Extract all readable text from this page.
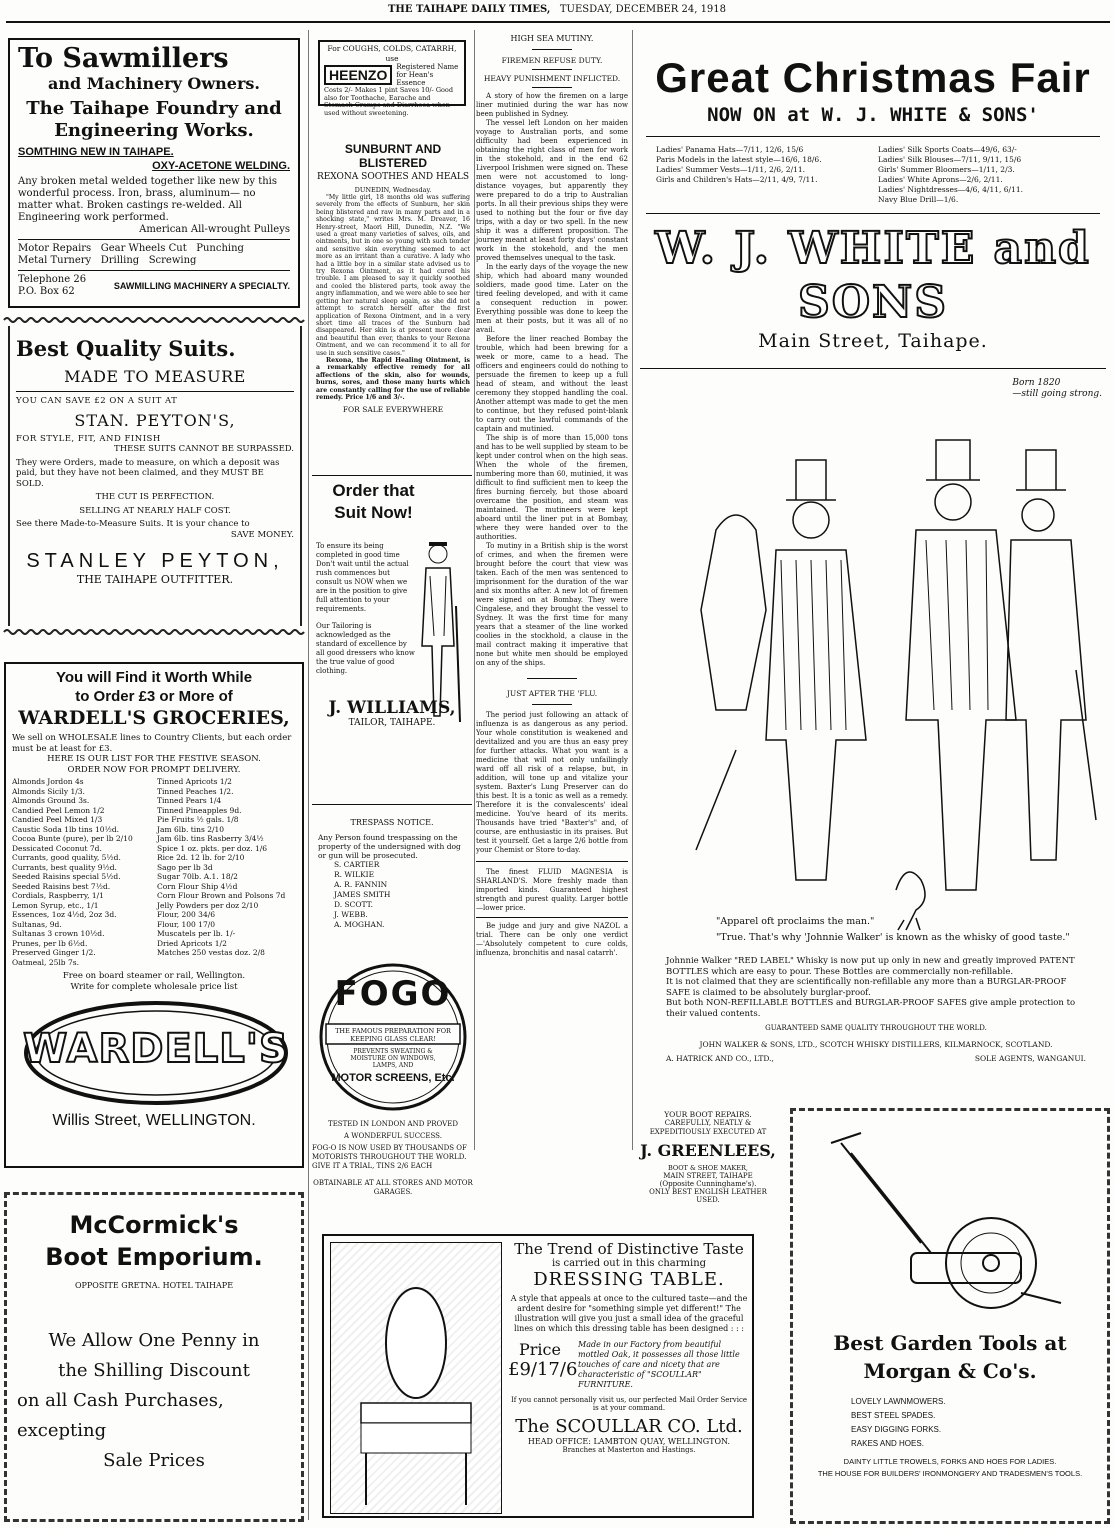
THE TAIHAPE DAILY TIMES, TUESDAY, DECEMBER 24, 1918
To Sawmillers
and Machinery Owners.
The Taihape Foundry and
Engineering Works.
SOMTHING NEW IN TAIHAPE.
OXY-ACETONE WELDING.
Any broken metal welded together like new by this wonderful process. Iron, brass, aluminum— no matter what. Broken castings re-welded. All Engineering work performed.
American All-wrought Pulleys
Motor Repairs   Gear Wheels Cut   Punching
Metal Turnery   Drilling   Screwing
Telephone 26
P.O. Box 62	SAWMILLING MACHINERY A SPECIALTY.
Best Quality Suits.
MADE TO MEASURE
YOU CAN SAVE £2 ON A SUIT AT
STAN. PEYTON'S,
FOR STYLE, FIT, AND FINISH
THESE SUITS CANNOT BE SURPASSED.
They were Orders, made to measure, on which a deposit was paid, but they have not been claimed, and they MUST BE SOLD.
THE CUT IS PERFECTION.
SELLING AT NEARLY HALF COST.
See there Made-to-Measure Suits. It is your chance to
SAVE MONEY.
STANLEY PEYTON,
THE TAIHAPE OUTFITTER.
You will Find it Worth While
to Order £3 or More of
WARDELL'S GROCERIES,
We sell on WHOLESALE lines to Country Clients, but each order must be at least for £3.
HERE IS OUR LIST FOR THE FESTIVE SEASON.
ORDER NOW FOR PROMPT DELIVERY.
Almonds Jordon 4s
Almonds Sicily 1/3.
Almonds Ground 3s.
Candied Peel Lemon 1/2
Candied Peel Mixed 1/3
Caustic Soda 1lb tins 10½d.
Cocoa Bunte (pure), per lb 2/10
Dessicated Coconut 7d.
Currants, good quality, 5½d.
Currants, best quality 9½d.
Seeded Raisins special 5½d.
Seeded Raisins best 7½d.
Cordials, Raspberry, 1/1
Lemon Syrup, etc., 1/1
Essences, 1oz 4½d, 2oz 3d.
Sultanas, 9d.
Sultanas 3 crown 10½d.
Prunes, per lb 6½d.
Preserved Ginger 1/2.
Oatmeal, 25lb 7s.
Tinned Apricots 1/2
Tinned Peaches 1/2.
Tinned Pears 1/4
Tinned Pineapples 9d.
Pie Fruits ½ gals. 1/8
Jam 6lb. tins 2/10
Jam 6lb. tins Rasberry 3/4½
Spice 1 oz. pkts. per doz. 1/6
Rice 2d. 12 lb. for 2/10
Sago per lb 3d
Sugar 70lb. A.1. 18/2
Corn Flour Ship 4½d
Corn Flour Brown and Polsons 7d
Jelly Powders per doz 2/10
Flour, 200 34/6
Flour, 100 17/0
Muscatels per lb. 1/-
Dried Apricots 1/2
Matches 250 vestas doz. 2/8
Free on board steamer or rail, Wellington.
Write for complete wholesale price list
WARDELL'S
Willis Street, WELLINGTON.
McCormick's
Boot Emporium.
OPPOSITE GRETNA. HOTEL TAIHAPE
We Allow One Penny in
the Shilling Discount
on all Cash Purchases, excepting
Sale Prices
For COUGHS, COLDS, CATARRH, use
HEENZO	Registered Name for Hean's Essence
Costs 2/- Makes 1 pint Saves 10/- Good also for Toothache, Earache and Stomach Cramps and Diarrhoea when used without sweetening.
SUNBURNT AND BLISTERED
REXONA SOOTHES AND HEALS
DUNEDIN, Wednesday.

"My little girl, 18 months old was suffering severely from the effects of Sunburn, her skin being blistered and raw in many parts and in a shocking state," writes Mrs. M. Dreaver, 16 Henry-street, Maori Hill, Dunedin, N.Z. "We used a great many varieties of salves, oils, and ointments, but in one so young with such tender and sensitive skin everything seemed to act more as an irritant than a curative. A lady who had a little boy in a similar state advised us to try Rexona Ointment, as it had cured his trouble. I am pleased to say it quickly soothed and cooled the blistered parts, took away the angry inflammation, and we were able to see her getting her natural sleep again, as she did not attempt to scratch herself after the first application of Rexona Ointment, and in a very short time all traces of the Sunburn had disappeared. Her skin is at present more clear and beautiful than ever, thanks to your Rexona Ointment, and we can recommend it to all for use in such sensitive cases."

Rexona, the Rapid Healing Ointment, is a remarkably effective remedy for all affections of the skin, also for wounds, burns, sores, and those many hurts which are constantly calling for the use of reliable remedy. Price 1/6 and 3/-.

FOR SALE EVERYWHERE
Order that Suit Now!
To ensure its being completed in good time Don't wait until the actual rush commences but consult us NOW when we are in the position to give full attention to your requirements.
Our Tailoring is acknowledged as the standard of excellence by all good dressers who know the true value of good clothing.
J. WILLIAMS,
TAILOR, TAIHAPE.
TRESPASS NOTICE.
Any Person found trespassing on the property of the undersigned with dog or gun will be prosecuted.
S. CARTIER
R. WILKIE
A. R. FANNIN
JAMES SMITH
D. SCOTT.
J. WEBB.
A. MOGHAN.
FOGO
THE FAMOUS PREPARATION FOR KEEPING GLASS CLEAR!
PREVENTS SWEATING & MOISTURE ON WINDOWS, LAMPS, AND
MOTOR SCREENS, Etc.
TESTED IN LONDON AND PROVED
A WONDERFUL SUCCESS.
FOG-O IS NOW USED BY THOUSANDS OF MOTORISTS THROUGHOUT THE WORLD. GIVE IT A TRIAL, TINS 2/6 EACH
OBTAINABLE AT ALL STORES AND MOTOR GARAGES.
HIGH SEA MUTINY.
FIREMEN REFUSE DUTY.
HEAVY PUNISHMENT INFLICTED.

A story of how the firemen on a large liner mutinied during the war has now been published in Sydney.

The vessel left London on her maiden voyage to Australian ports, and some difficulty had been experienced in obtaining the right class of men for work in the stokehold, and in the end 62 Liverpool Irishmen were signed on. These men were not accustomed to long-distance voyages, but apparently they were prepared to do a trip to Australian ports. In all their previous ships they were used to nothing but the four or five day trips, with a day or two spell. In the new ship it was a different proposition. The journey meant at least forty days' constant work in the stokehold, and the men proved themselves unequal to the task.

In the early days of the voyage the new ship, which had aboard many wounded soldiers, made good time. Later on the tired feeling developed, and with it came a consequent reduction in power. Everything possible was done to keep the men at their posts, but it was all of no avail.

Before the liner reached Bombay the trouble, which had been brewing for a week or more, came to a head. The officers and engineers could do nothing to persuade the firemen to keep up a full head of steam, and without the least ceremony they stopped handling the coal. Another attempt was made to get the men to continue, but they refused point-blank to carry out the lawful commands of the captain and mutinied.

The ship is of more than 15,000 tons and has to be well supplied by steam to be kept under control when on the high seas. When the whole of the firemen, numbering more than 60, mutinied, it was difficult to find sufficient men to keep the fires burning fiercely, but those aboard overcame the position, and steam was maintained. The mutineers were kept aboard until the liner put in at Bombay, where they were handed over to the authorities.

To mutiny in a British ship is the worst of crimes, and when the firemen were brought before the court that view was taken. Each of the men was sentenced to imprisonment for the duration of the war and six months after. A new lot of firemen were signed on at Bombay. They were Cingalese, and they brought the vessel to Sydney. It was the first time for many years that a steamer of the line worked coolies in the stockhold, a clause in the mail contract making it imperative that none but white men should be employed on any of the ships.

JUST AFTER THE 'FLU.

The period just following an attack of influenza is as dangerous as any period. Your whole constitution is weakened and devitalized and you are thus an easy prey for further attacks. What you want is a medicine that will not only unfailingly ward off all risk of a relapse, but, in addition, will tone up and vitalize your system. Baxter's Lung Preserver can do this best. It is a tonic as well as a remedy. Therefore it is the convalescents' ideal medicine. You've heard of its merits. Thousands have tried "Baxter's" and, of course, are enthusiastic in its praises. But test it yourself. Get a large 2/6 bottle from your Chemist or Store to-day.

The finest FLUID MAGNESIA is SHARLAND'S. More freshly made than imported kinds. Guaranteed highest strength and purest quality. Larger bottle—lower price.

Be judge and jury and give NAZOL a trial. There can be only one verdict—'Absolutely competent to cure colds, influenza, bronchitis and nasal catarrh'.

Great Christmas Fair
NOW ON at W. J. WHITE & SONS'
Ladies' Panama Hats—7/11, 12/6, 15/6
Paris Models in the latest style—16/6, 18/6.
Ladies' Summer Vests—1/11, 2/6, 2/11.
Girls and Children's Hats—2/11, 4/9, 7/11.
Ladies' Silk Sports Coats—49/6, 63/-
Ladies' Silk Blouses—7/11, 9/11, 15/6
Girls' Summer Bloomers—1/11, 2/3.
Ladies' White Aprons—2/6, 2/11.
Ladies' Nightdresses—4/6, 4/11, 6/11.
Navy Blue Drill—1/6.
W. J. WHITE and SONS
Main Street, Taihape.
Born 1820
—still going strong.
"Apparel oft proclaims the man."
"True. That's why 'Johnnie Walker' is known as the whisky of good taste."
Johnnie Walker "RED LABEL" Whisky is now put up only in new and greatly improved PATENT BOTTLES which are easy to pour. These Bottles are commercially non-refillable.
It is not claimed that they are scientifically non-refillable any more than a BURGLAR-PROOF SAFE is claimed to be absolutely burglar-proof.
But both NON-REFILLABLE BOTTLES and BURGLAR-PROOF SAFES give ample protection to their valued contents.
GUARANTEED SAME QUALITY THROUGHOUT THE WORLD.
JOHN WALKER & SONS, LTD., SCOTCH WHISKY DISTILLERS, KILMARNOCK, SCOTLAND.
A. HATRICK AND CO., LTD.,	SOLE AGENTS, WANGANUI.
YOUR BOOT REPAIRS.
CAREFULLY, NEATLY & EXPEDITIOUSLY EXECUTED AT
J. GREENLEES,
BOOT & SHOE MAKER,
MAIN STREET, TAIHAPE
(Opposite Cunninghame's).
ONLY BEST ENGLISH LEATHER USED.
The Trend of Distinctive Taste
is carried out in this charming
DRESSING TABLE.
A style that appeals at once to the cultured taste—and the ardent desire for "something simple yet different!" The illustration will give you just a small idea of the graceful lines on which this dressing table has been designed : : :
Price
£9/17/6
Made in our Factory from beautiful mottled Oak, it possesses all those little touches of care and nicety that are characteristic of "SCOULLAR" FURNITURE.
If you cannot personally visit us, our perfected Mail Order Service is at your command.
The SCOULLAR CO. Ltd.
HEAD OFFICE: LAMBTON QUAY, WELLINGTON.
Branches at Masterton and Hastings.
Best Garden Tools at
Morgan & Co's.
LOVELY LAWNMOWERS.
BEST STEEL SPADES.
EASY DIGGING FORKS.
RAKES AND HOES.
DAINTY LITTLE TROWELS, FORKS AND HOES FOR LADIES.
THE HOUSE FOR BUILDERS' IRONMONGERY AND TRADESMEN'S TOOLS.
